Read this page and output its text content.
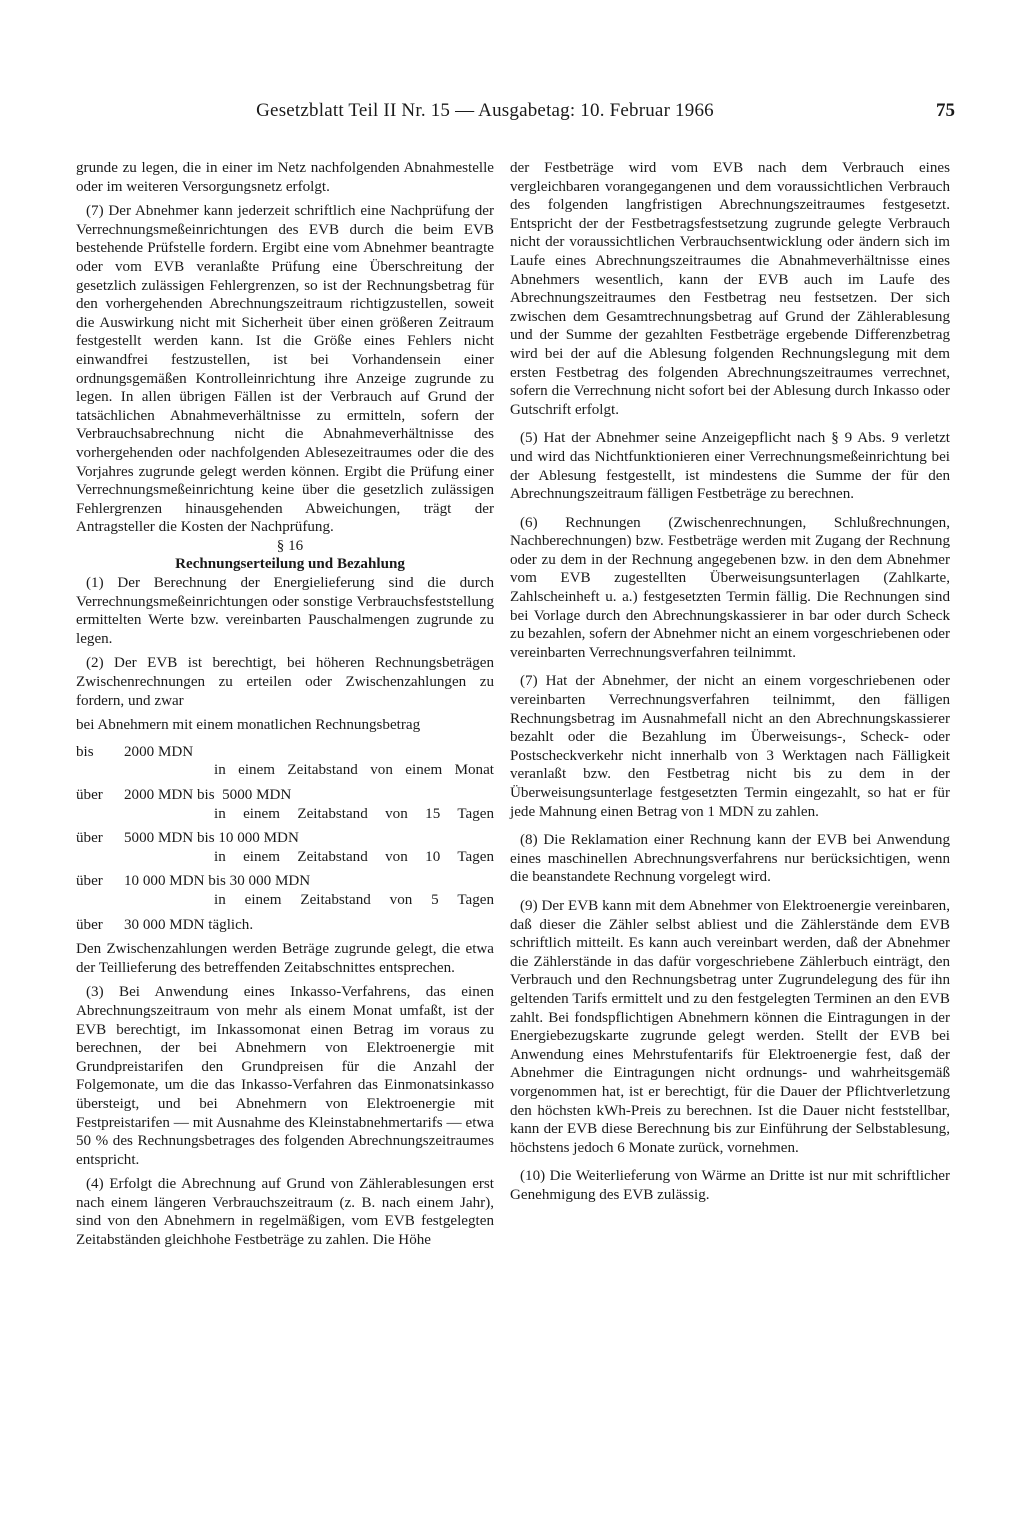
Gesetzblatt Teil II Nr. 15 — Ausgabetag: 10. Februar 1966	75

grunde zu legen, die in einer im Netz nachfolgenden Abnahmestelle oder im weiteren Versorgungsnetz erfolgt.

(7) Der Abnehmer kann jederzeit schriftlich eine Nachprüfung der Verrechnungsmeßeinrichtungen des EVB durch die beim EVB bestehende Prüfstelle fordern. Ergibt eine vom Abnehmer beantragte oder vom EVB veranlaßte Prüfung eine Überschreitung der gesetzlich zulässigen Fehlergrenzen, so ist der Rechnungsbetrag für den vorhergehenden Abrechnungszeitraum richtigzustellen, soweit die Auswirkung nicht mit Sicherheit über einen größeren Zeitraum festgestellt werden kann. Ist die Größe eines Fehlers nicht einwandfrei festzustellen, ist bei Vorhandensein einer ordnungsgemäßen Kontrolleinrichtung ihre Anzeige zugrunde zu legen. In allen übrigen Fällen ist der Verbrauch auf Grund der tatsächlichen Abnahmeverhältnisse zu ermitteln, sofern der Verbrauchsabrechnung nicht die Abnahmeverhältnisse des vorhergehenden oder nachfolgenden Ablesezeitraumes oder die des Vorjahres zugrunde gelegt werden können. Ergibt die Prüfung einer Verrechnungsmeßeinrichtung keine über die gesetzlich zulässigen Fehlergrenzen hinausgehenden Abweichungen, trägt der Antragsteller die Kosten der Nachprüfung.

§ 16

Rechnungserteilung und Bezahlung

(1) Der Berechnung der Energielieferung sind die durch Verrechnungsmeßeinrichtungen oder sonstige Verbrauchsfeststellung ermittelten Werte bzw. vereinbarten Pauschalmengen zugrunde zu legen.

(2) Der EVB ist berechtigt, bei höheren Rechnungsbeträgen Zwischenrechnungen zu erteilen oder Zwischenzahlungen zu fordern, und zwar

bei Abnehmern mit einem monatlichen Rechnungsbetrag

bis	2000 MDN
in einem Zeitabstand von einem Monat
über	2000 MDN bis  5000 MDN
in einem Zeitabstand von 15 Tagen
über	5000 MDN bis 10 000 MDN
in einem Zeitabstand von 10 Tagen
über	10 000 MDN bis 30 000 MDN
in einem Zeitabstand von 5 Tagen
über	30 000 MDN täglich.

Den Zwischenzahlungen werden Beträge zugrunde gelegt, die etwa der Teillieferung des betreffenden Zeitabschnittes entsprechen.

(3) Bei Anwendung eines Inkasso-Verfahrens, das einen Abrechnungszeitraum von mehr als einem Monat umfaßt, ist der EVB berechtigt, im Inkassomonat einen Betrag im voraus zu berechnen, der bei Abnehmern von Elektroenergie mit Grundpreistarifen den Grundpreisen für die Anzahl der Folgemonate, um die das Inkasso-Verfahren das Einmonatsinkasso übersteigt, und bei Abnehmern von Elektroenergie mit Festpreistarifen — mit Ausnahme des Kleinstabnehmertarifs — etwa 50 % des Rechnungsbetrages des folgenden Abrechnungszeitraumes entspricht.

(4) Erfolgt die Abrechnung auf Grund von Zählerablesungen erst nach einem längeren Verbrauchszeitraum (z. B. nach einem Jahr), sind von den Abnehmern in regelmäßigen, vom EVB festgelegten Zeitabständen gleichhohe Festbeträge zu zahlen. Die Höhe

der Festbeträge wird vom EVB nach dem Verbrauch eines vergleichbaren vorangegangenen und dem voraussichtlichen Verbrauch des folgenden langfristigen Abrechnungszeitraumes festgesetzt. Entspricht der der Festbetragsfestsetzung zugrunde gelegte Verbrauch nicht der voraussichtlichen Verbrauchsentwicklung oder ändern sich im Laufe eines Abrechnungszeitraumes die Abnahmeverhältnisse eines Abnehmers wesentlich, kann der EVB auch im Laufe des Abrechnungszeitraumes den Festbetrag neu festsetzen. Der sich zwischen dem Gesamtrechnungsbetrag auf Grund der Zählerablesung und der Summe der gezahlten Festbeträge ergebende Differenzbetrag wird bei der auf die Ablesung folgenden Rechnungslegung mit dem ersten Festbetrag des folgenden Abrechnungszeitraumes verrechnet, sofern die Verrechnung nicht sofort bei der Ablesung durch Inkasso oder Gutschrift erfolgt.

(5) Hat der Abnehmer seine Anzeigepflicht nach § 9 Abs. 9 verletzt und wird das Nichtfunktionieren einer Verrechnungsmeßeinrichtung bei der Ablesung festgestellt, ist mindestens die Summe der für den Abrechnungszeitraum fälligen Festbeträge zu berechnen.

(6) Rechnungen (Zwischenrechnungen, Schlußrechnungen, Nachberechnungen) bzw. Festbeträge werden mit Zugang der Rechnung oder zu dem in der Rechnung angegebenen bzw. in den dem Abnehmer vom EVB zugestellten Überweisungsunterlagen (Zahlkarte, Zahlscheinheft u. a.) festgesetzten Termin fällig. Die Rechnungen sind bei Vorlage durch den Abrechnungskassierer in bar oder durch Scheck zu bezahlen, sofern der Abnehmer nicht an einem vorgeschriebenen oder vereinbarten Verrechnungsverfahren teilnimmt.

(7) Hat der Abnehmer, der nicht an einem vorgeschriebenen oder vereinbarten Verrechnungsverfahren teilnimmt, den fälligen Rechnungsbetrag im Ausnahmefall nicht an den Abrechnungskassierer bezahlt oder die Bezahlung im Überweisungs-, Scheck- oder Postscheckverkehr nicht innerhalb von 3 Werktagen nach Fälligkeit veranlaßt bzw. den Festbetrag nicht bis zu dem in der Überweisungsunterlage festgesetzten Termin eingezahlt, so hat er für jede Mahnung einen Betrag von 1 MDN zu zahlen.

(8) Die Reklamation einer Rechnung kann der EVB bei Anwendung eines maschinellen Abrechnungsverfahrens nur berücksichtigen, wenn die beanstandete Rechnung vorgelegt wird.

(9) Der EVB kann mit dem Abnehmer von Elektroenergie vereinbaren, daß dieser die Zähler selbst abliest und die Zählerstände dem EVB schriftlich mitteilt. Es kann auch vereinbart werden, daß der Abnehmer die Zählerstände in das dafür vorgeschriebene Zählerbuch einträgt, den Verbrauch und den Rechnungsbetrag unter Zugrundelegung des für ihn geltenden Tarifs ermittelt und zu den festgelegten Terminen an den EVB zahlt. Bei fondspflichtigen Abnehmern können die Eintragungen in der Energiebezugskarte zugrunde gelegt werden. Stellt der EVB bei Anwendung eines Mehrstufentarifs für Elektroenergie fest, daß der Abnehmer die Eintragungen nicht ordnungs- und wahrheitsgemäß vorgenommen hat, ist er berechtigt, für die Dauer der Pflichtverletzung den höchsten kWh-Preis zu berechnen. Ist die Dauer nicht feststellbar, kann der EVB diese Berechnung bis zur Einführung der Selbstablesung, höchstens jedoch 6 Monate zurück, vornehmen.

(10) Die Weiterlieferung von Wärme an Dritte ist nur mit schriftlicher Genehmigung des EVB zulässig.
